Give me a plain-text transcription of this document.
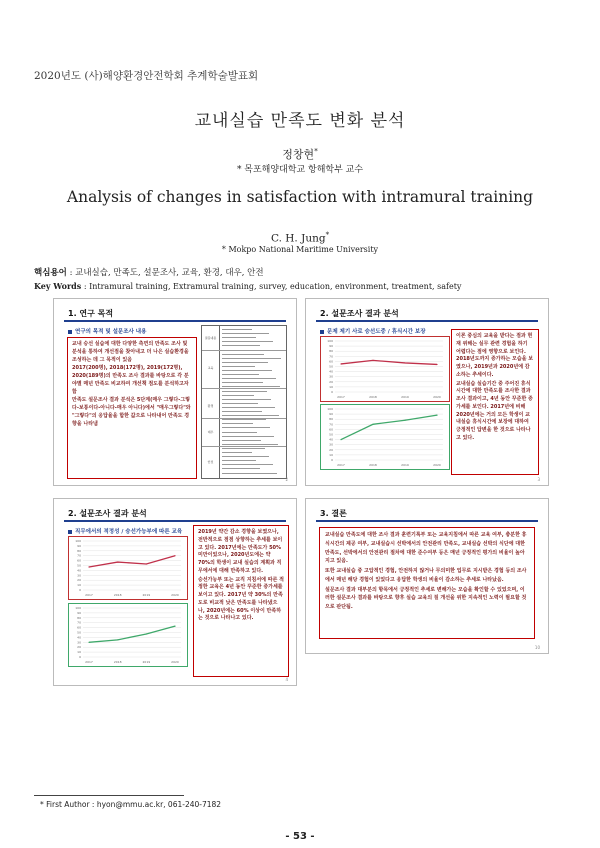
2020년도 (사)해양환경안전학회 추계학술발표회
교내실습 만족도 변화 분석
정창현*
* 목포해양대학교 항해학부 교수
Analysis of changes in satisfaction with intramural training
C. H. Jung*
* Mokpo National Maritime University
핵심용어 : 교내실습, 만족도, 설문조사, 교육, 환경, 대우, 안전
Key Words : Intramural training, Extramural training, survey, education, environment, treatment, safety
1. 연구 목적
연구의 목적 및 설문조사 내용

교내 승선 실습에 대한 다양한 측면의 만족도 조사 및 분석을 통하여 개선점을 찾아내고 더 나은 실습환경을 조성하는 데 그 목적이 있음

2017(200명), 2018(172명), 2019(172명), 2020(189명)의 만족도 조사 결과를 바탕으로 각 분야별 매년 만족도 비교하여 개선책 점도를 분석하고자 함

만족도 설문조사 결과 분석은 5단계(매우 그렇다-그렇다-보통이다-아니다-매우 아니다)에서 "매우그렇다"와 "그렇다"의 응답율을 합한 값으로 나타내어 만족도 경향을 나타냄

질문내용
교육
환경
대우
안전
2
2. 설문조사 결과 분석
문제 제기 사로 승선도중 / 휴식시간 보장
100
90
80
70
60
50
40
30
20
10
0
2017	2018	2019	2020
100
90
80
70
60
50
40
30
20
10
0
2017	2018	2019	2020

이론 중심의 교육을 받다는 점과 현재 위해는 실무 관련 경험을 하기 어렵다는 점에 영향으로 보인다. 2018년도까지 증가하는 모습을 보였으나, 2019년과 2020년에 감소하는 추세이다.

교내실습 실습기간 중 주어진 휴식시간에 대한 만족도를 조사한 결과 조사 결과이고, 4년 동안 꾸준한 증가세를 보인다. 2017년에 비해 2020년에는 거의 모든 학생이 교내실습 휴식시간에 보장에 대하여 긍정적인 답변을 한 것으로 나타나고 있다.

3
2. 설문조사 결과 분석
직무에서의 적정성 / 승선가능부에 따른 교육
100
90
80
70
60
50
40
30
20
10
0
2017	2018	2019	2020
100
90
80
70
60
50
40
30
20
10
0
2017	2018	2019	2020

2019년 약간 감소 경향을 보였으나, 전반적으로 점점 상향하는 추세를 보이고 있다. 2017년에는 만족도가 50% 미만이었으나, 2020년도에는 약 70%의 학생이 교내 실습의 계획과 직무에서에 대해 만족하고 있다.

승선가능부 또는 교직 지침서에 따른 적정한 교육은 4년 동안 꾸준한 증가세를 보이고 있다. 2017년 약 30%의 만족도로 비교적 낮은 만족도를 나타냈으나, 2020년에는 60% 이상이 만족하는 것으로 나타나고 있다.

4
3. 결론

교내실습 만족도에 대한 조사 결과 훈련기록부 또는 교육지침에서 따른 교육 여부, 충분한 휴식시간의 제공 여부, 교내실습시 선박에서의 안전관리 만족도, 교내실습 선박의 식단에 대한 만족도, 선박에서의 안전관리 절차에 대한 준수여부 등은 매년 긍정적인 평가의 비율이 높아지고 있음.

또한 교내실습 중 고압적인 경험, 안전하지 않거나 무의미한 업무로 지시받은 경험 등의 조사에서 매년 해당 경험이 있었다고 응답한 학생의 비율이 감소하는 추세로 나타났음.

설문조사 결과 대부분의 항목에서 긍정적인 추세로 변해가는 모습을 확인할 수 있었으며, 이러한 설문조사 결과를 바탕으로 향후 실습 교육의 질 개선을 위한 지속적인 노력이 필요할 것으로 판단됨.

10
* First Author : hyon@mmu.ac.kr, 061-240-7182
- 53 -
